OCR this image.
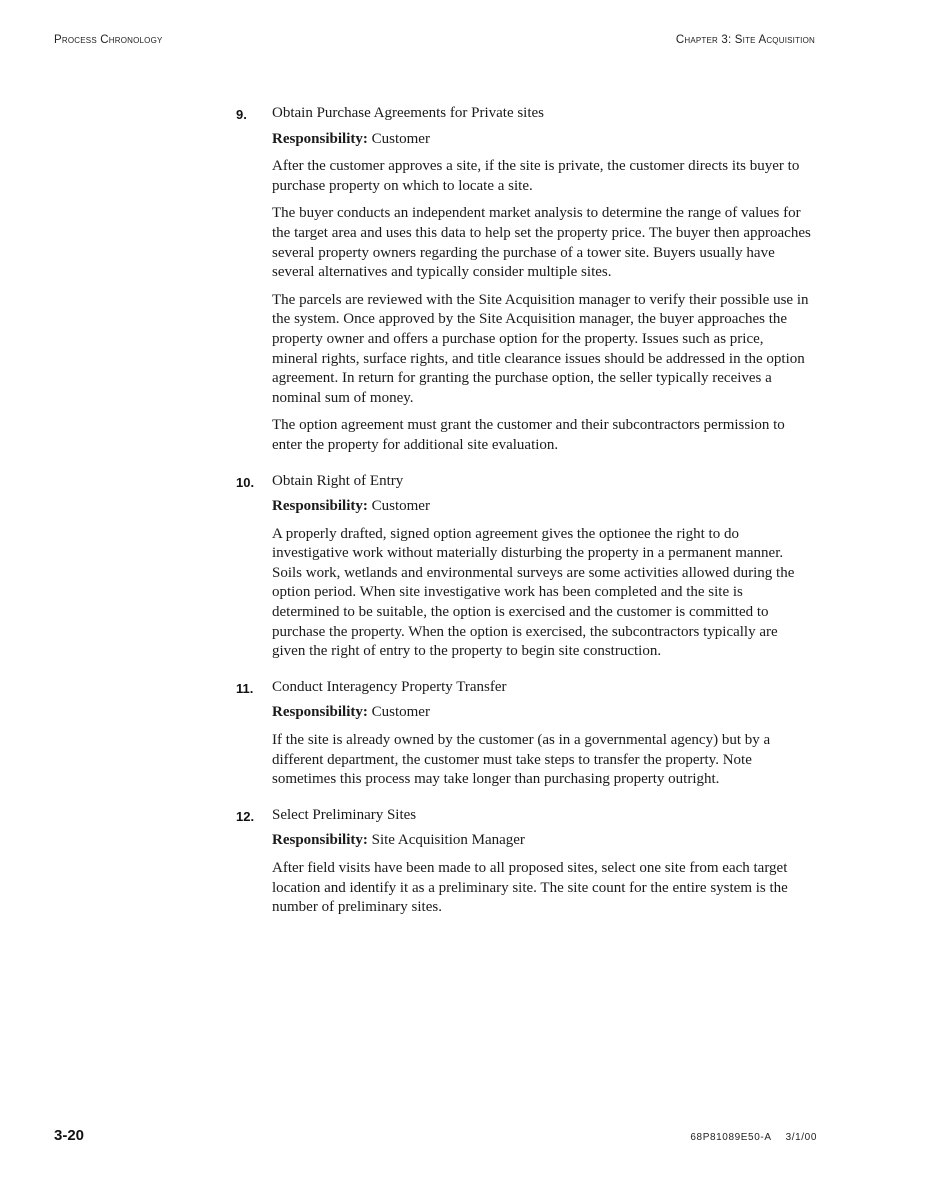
Process Chronology	Chapter 3: Site Acquisition
9. Obtain Purchase Agreements for Private sites

Responsibility: Customer

After the customer approves a site, if the site is private, the customer directs its buyer to purchase property on which to locate a site.

The buyer conducts an independent market analysis to determine the range of values for the target area and uses this data to help set the property price. The buyer then approaches several property owners regarding the purchase of a tower site. Buyers usually have several alternatives and typically consider multiple sites.

The parcels are reviewed with the Site Acquisition manager to verify their possible use in the system. Once approved by the Site Acquisition manager, the buyer approaches the property owner and offers a purchase option for the property. Issues such as price, mineral rights, surface rights, and title clearance issues should be addressed in the option agreement. In return for granting the purchase option, the seller typically receives a nominal sum of money.

The option agreement must grant the customer and their subcontractors permission to enter the property for additional site evaluation.

10. Obtain Right of Entry

Responsibility: Customer

A properly drafted, signed option agreement gives the optionee the right to do investigative work without materially disturbing the property in a permanent manner. Soils work, wetlands and environmental surveys are some activities allowed during the option period. When site investigative work has been completed and the site is determined to be suitable, the option is exercised and the customer is committed to purchase the property. When the option is exercised, the subcontractors typically are given the right of entry to the property to begin site construction.

11. Conduct Interagency Property Transfer

Responsibility: Customer

If the site is already owned by the customer (as in a governmental agency) but by a different department, the customer must take steps to transfer the property. Note sometimes this process may take longer than purchasing property outright.

12. Select Preliminary Sites

Responsibility: Site Acquisition Manager

After field visits have been made to all proposed sites, select one site from each target location and identify it as a preliminary site. The site count for the entire system is the number of preliminary sites.

3-20	68P81089E50-A 3/1/00
